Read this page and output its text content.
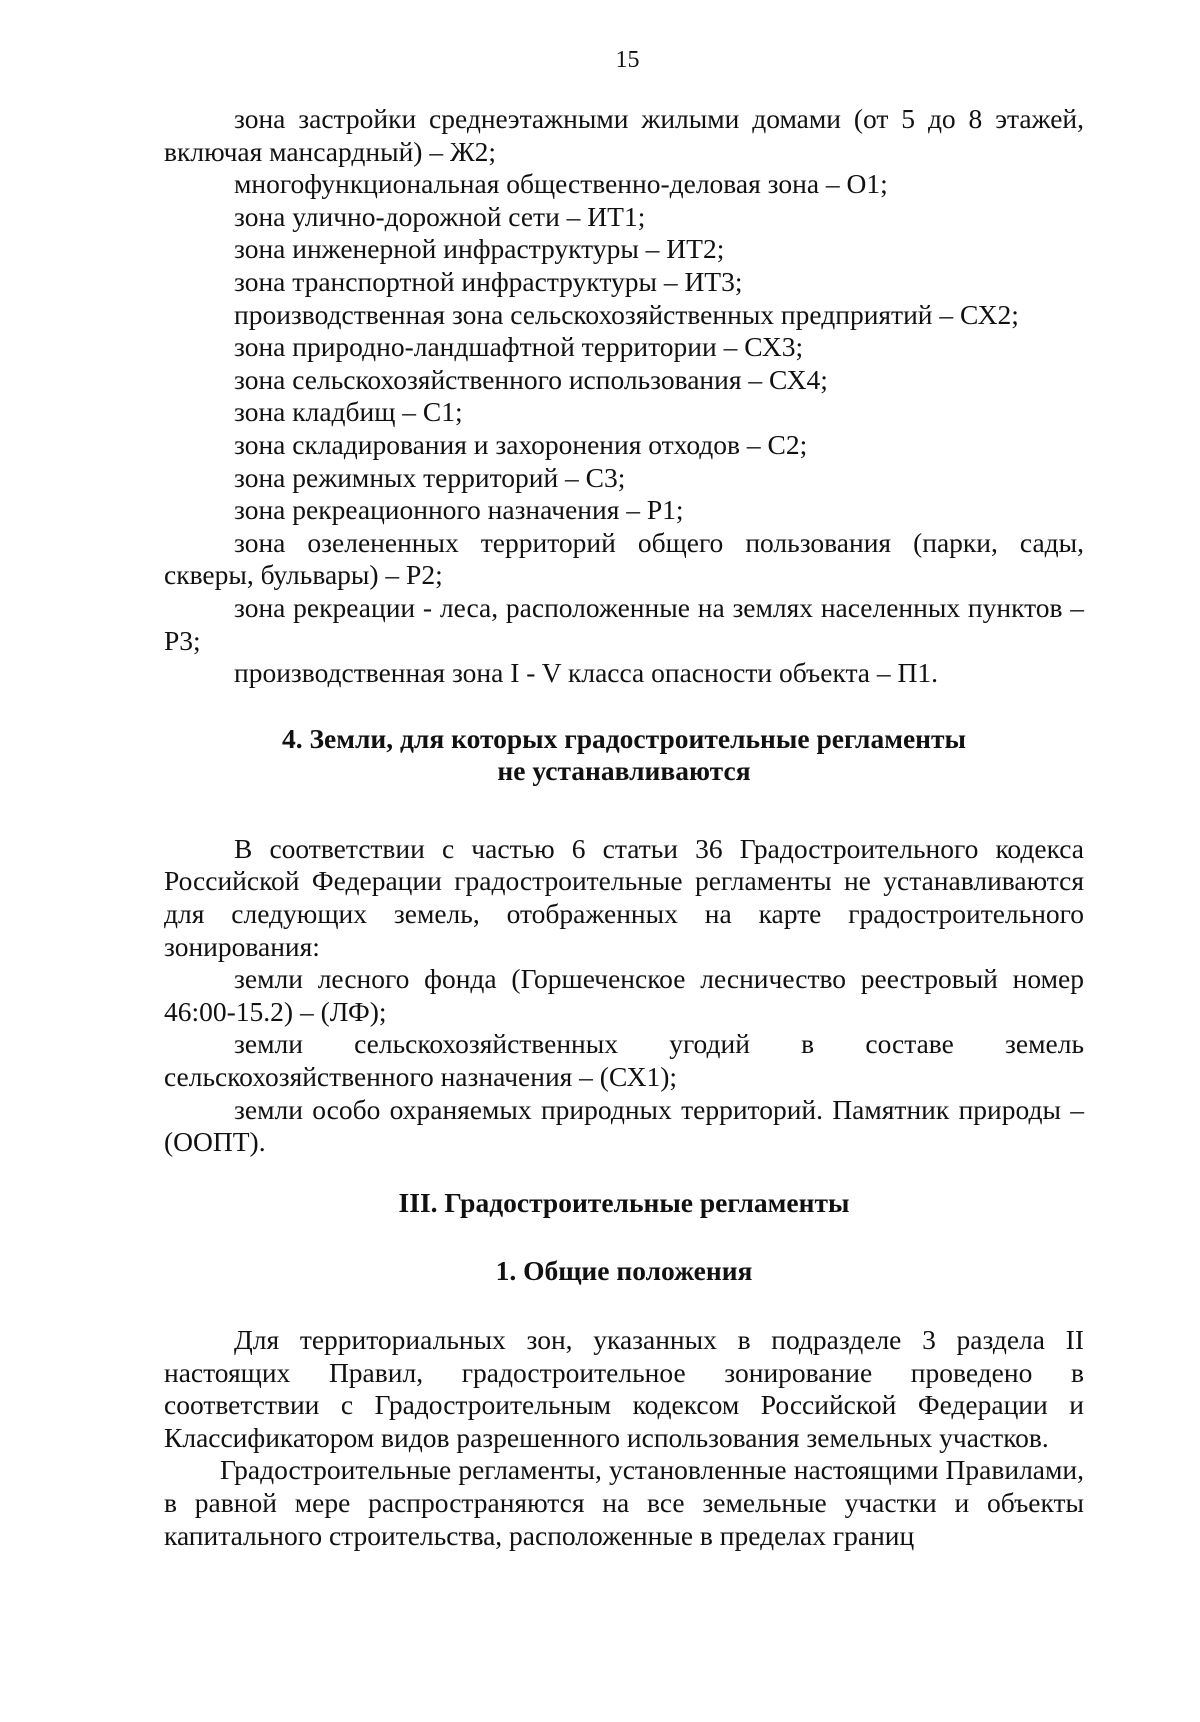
15

зона застройки среднеэтажными жилыми домами (от 5 до 8 этажей, включая мансардный) – Ж2;

многофункциональная общественно-деловая зона – О1;

зона улично-дорожной сети – ИТ1;

зона инженерной инфраструктуры – ИТ2;

зона транспортной инфраструктуры – ИТ3;

производственная зона сельскохозяйственных предприятий – СХ2;

зона природно-ландшафтной территории – СХ3;

зона сельскохозяйственного использования – СХ4;

зона кладбищ – С1;

зона складирования и захоронения отходов – С2;

зона режимных территорий – С3;

зона рекреационного назначения – Р1;

зона озелененных территорий общего пользования (парки, сады, скверы, бульвары) – Р2;

зона рекреации - леса, расположенные на землях населенных пунктов – Р3;

производственная зона I - V класса опасности объекта – П1.

4. Земли, для которых градостроительные регламенты
не устанавливаются

В соответствии с частью 6 статьи 36 Градостроительного кодекса Российской Федерации градостроительные регламенты не устанавливаются для следующих земель, отображенных на карте градостроительного зонирования:

земли лесного фонда (Горшеченское лесничество реестровый номер 46:00-15.2) – (ЛФ);

земли сельскохозяйственных угодий в составе земель сельскохозяйственного назначения – (СХ1);

земли особо охраняемых природных территорий. Памятник природы – (ООПТ).

III. Градостроительные регламенты
1. Общие положения

Для территориальных зон, указанных в подразделе 3 раздела II настоящих Правил, градостроительное зонирование проведено в соответствии с Градостроительным кодексом Российской Федерации и Классификатором видов разрешенного использования земельных участков.

Градостроительные регламенты, установленные настоящими Правилами, в равной мере распространяются на все земельные участки и объекты капитального строительства, расположенные в пределах границ
